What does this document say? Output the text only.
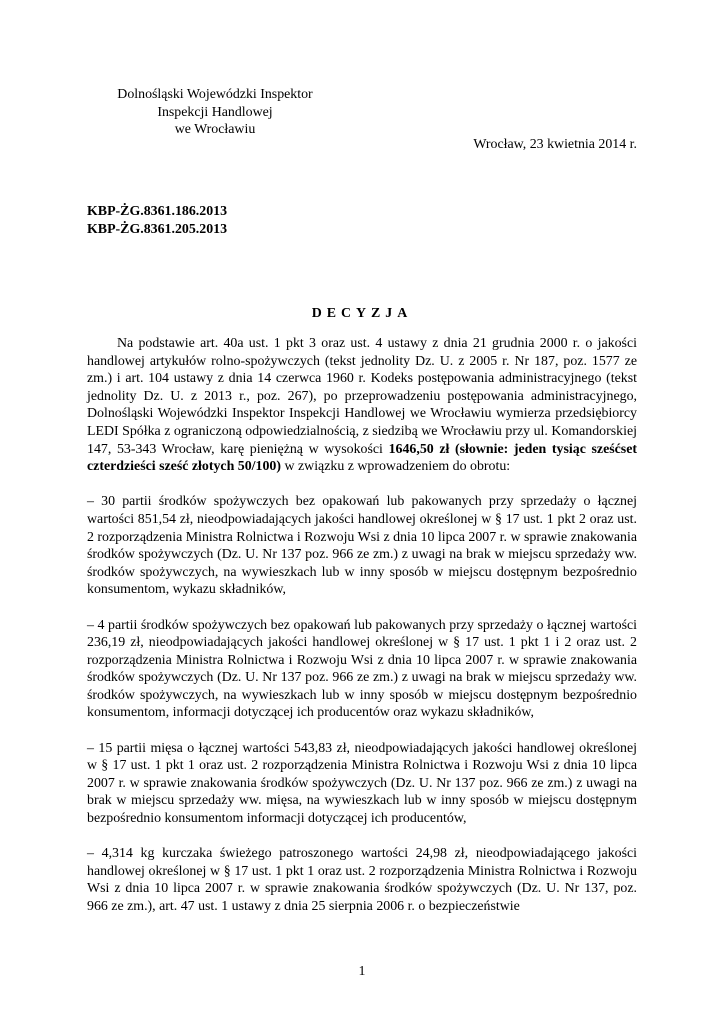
Dolnośląski Wojewódzki Inspektor
Inspekcji Handlowej
we Wrocławiu
Wrocław, 23 kwietnia 2014 r.
KBP-ŻG.8361.186.2013
KBP-ŻG.8361.205.2013
DECYZJA

Na podstawie art. 40a ust. 1 pkt 3 oraz ust. 4 ustawy z dnia 21 grudnia 2000 r. o jakości handlowej artykułów rolno-spożywczych (tekst jednolity Dz. U. z 2005 r. Nr 187, poz. 1577 ze zm.) i art. 104 ustawy z dnia 14 czerwca 1960 r. Kodeks postępowania administracyjnego (tekst jednolity Dz. U. z 2013 r., poz. 267), po przeprowadzeniu postępowania administracyjnego, Dolnośląski Wojewódzki Inspektor Inspekcji Handlowej we Wrocławiu wymierza przedsiębiorcy LEDI Spółka z ograniczoną odpowiedzialnością, z siedzibą we Wrocławiu przy ul. Komandorskiej 147, 53-343 Wrocław, karę pieniężną w wysokości 1646,50 zł (słownie: jeden tysiąc sześćset czterdzieści sześć złotych 50/100) w związku z wprowadzeniem do obrotu:

– 30 partii środków spożywczych bez opakowań lub pakowanych przy sprzedaży o łącznej wartości 851,54 zł, nieodpowiadających jakości handlowej określonej w § 17 ust. 1 pkt 2 oraz ust. 2 rozporządzenia Ministra Rolnictwa i Rozwoju Wsi z dnia 10 lipca 2007 r. w sprawie znakowania środków spożywczych (Dz. U. Nr 137 poz. 966 ze zm.) z uwagi na brak w miejscu sprzedaży ww. środków spożywczych, na wywieszkach lub w inny sposób w miejscu dostępnym bezpośrednio konsumentom, wykazu składników,

– 4 partii środków spożywczych bez opakowań lub pakowanych przy sprzedaży o łącznej wartości 236,19 zł, nieodpowiadających jakości handlowej określonej w § 17 ust. 1 pkt 1 i 2 oraz ust. 2 rozporządzenia Ministra Rolnictwa i Rozwoju Wsi z dnia 10 lipca 2007 r. w sprawie znakowania środków spożywczych (Dz. U. Nr 137 poz. 966 ze zm.) z uwagi na brak w miejscu sprzedaży ww. środków spożywczych, na wywieszkach lub w inny sposób w miejscu dostępnym bezpośrednio konsumentom, informacji dotyczącej ich producentów oraz wykazu składników,

– 15 partii mięsa o łącznej wartości 543,83 zł, nieodpowiadających jakości handlowej określonej w § 17 ust. 1 pkt 1 oraz ust. 2 rozporządzenia Ministra Rolnictwa i Rozwoju Wsi z dnia 10 lipca 2007 r. w sprawie znakowania środków spożywczych (Dz. U. Nr 137 poz. 966 ze zm.) z uwagi na brak w miejscu sprzedaży ww. mięsa, na wywieszkach lub w inny sposób w miejscu dostępnym bezpośrednio konsumentom informacji dotyczącej ich producentów,

– 4,314 kg kurczaka świeżego patroszonego wartości 24,98 zł, nieodpowiadającego jakości handlowej określonej w § 17 ust. 1 pkt 1 oraz ust. 2 rozporządzenia Ministra Rolnictwa i Rozwoju Wsi z dnia 10 lipca 2007 r. w sprawie znakowania środków spożywczych (Dz. U. Nr 137, poz. 966 ze zm.), art. 47 ust. 1 ustawy z dnia 25 sierpnia 2006 r. o bezpieczeństwie

1
